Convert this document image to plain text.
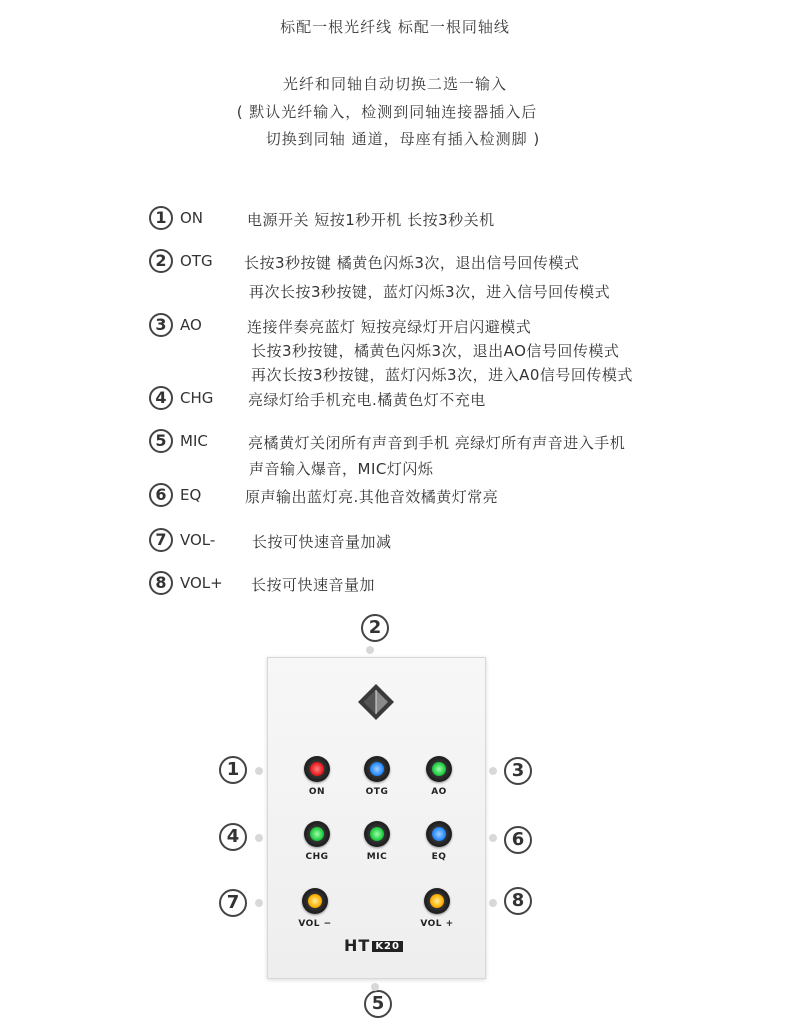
标配一根光纤线 标配一根同轴线
光纤和同轴自动切换二选一输入
( 默认光纤输入，检测到同轴连接器插入后
切换到同轴 通道，母座有插入检测脚 )
1 ON	电源开关 短按1秒开机 长按3秒关机
2 OTG 长按3秒按键 橘黄色闪烁3次，退出信号回传模式
再次长按3秒按键，蓝灯闪烁3次，进入信号回传模式
3 AO	连接伴奏亮蓝灯 短按亮绿灯开启闪避模式
长按3秒按键，橘黄色闪烁3次，退出AO信号回传模式
再次长按3秒按键，蓝灯闪烁3次，进入A0信号回传模式
4 CHG 亮绿灯给手机充电.橘黄色灯不充电
5 MIC	亮橘黄灯关闭所有声音到手机 亮绿灯所有声音进入手机
声音输入爆音，MIC灯闪烁
6 EQ	原声输出蓝灯亮.其他音效橘黄灯常亮
7 VOL- 长按可快速音量加减
8 VOL+ 长按可快速音量加
2
1	3
4	6
7	8
5
ON	OTG	AO
CHG	MIC	EQ
VOL −	VOL +
HT K20
